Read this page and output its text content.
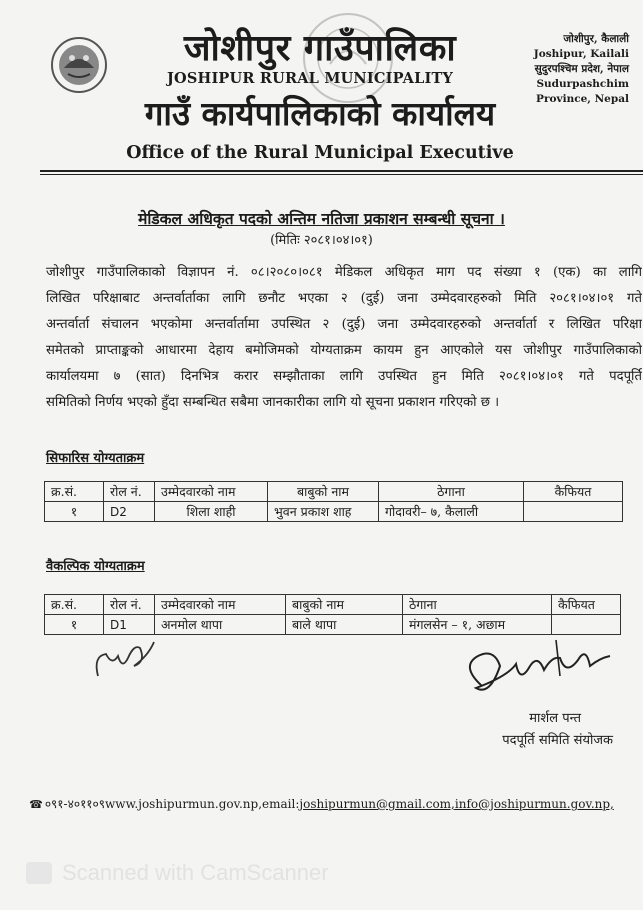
जोशीपुर गाउँपालिका
JOSHIPUR RURAL MUNICIPALITY
गाउँ कार्यपालिकाको कार्यालय
Office of the Rural Municipal Executive
जोशीपुर, कैलाली
Joshipur, Kailali
सुदुरपश्चिम प्रदेश, नेपाल
Sudurpashchim
Province, Nepal
मेडिकल अधिकृत पदको अन्तिम नतिजा प्रकाशन सम्बन्धी सूचना ।
(मितिः २०८१।०४।०१)
जोशीपुर गाउँपालिकाको विज्ञापन नं. ०८।२०८०।०८१ मेडिकल अधिकृत माग पद संख्या १ (एक) का लागि
लिखित परिक्षाबाट अन्तर्वार्ताका लागि छनौट भएका २ (दुई) जना उम्मेदवारहरुको मिति २०८१।०४।०१ गते
अन्तर्वार्ता संचालन भएकोमा अन्तर्वार्तामा उपस्थित २ (दुई) जना उम्मेदवारहरुको अन्तर्वार्ता र लिखित परिक्षा
समेतको प्राप्ताङ्कको आधारमा देहाय बमोजिमको योग्यताक्रम कायम हुन आएकोले यस जोशीपुर गाउँपालिकाको
कार्यालयमा ७ (सात) दिनभित्र करार सम्झौताका लागि उपस्थित हुन मिति २०८१।०४।०१ गते पदपूर्ति
समितिको निर्णय भएको हुँदा सम्बन्धित सबैमा जानकारीका लागि यो सूचना प्रकाशन गरिएको छ ।
सिफारिस योग्यताक्रम
क्र.सं.	रोल नं.	उम्मेदवारको नाम	बाबुको नाम	ठेगाना	कैफियत
१	D2	शिला शाही	भुवन प्रकाश शाह	गोदावरी– ७, कैलाली	
वैकल्पिक योग्यताक्रम
क्र.सं.	रोल नं.	उम्मेदवारको नाम	बाबुको नाम	ठेगाना	कैफियत
१	D1	अनमोल थापा	बाले थापा	मंगलसेन – १, अछाम	
मार्शल पन्त
पदपूर्ति समिति संयोजक
☎ ०९१-४०११०९www.joshipurmun.gov.np,email:joshipurmun@gmail.com,info@joshipurmun.gov.np,
Scanned with CamScanner
